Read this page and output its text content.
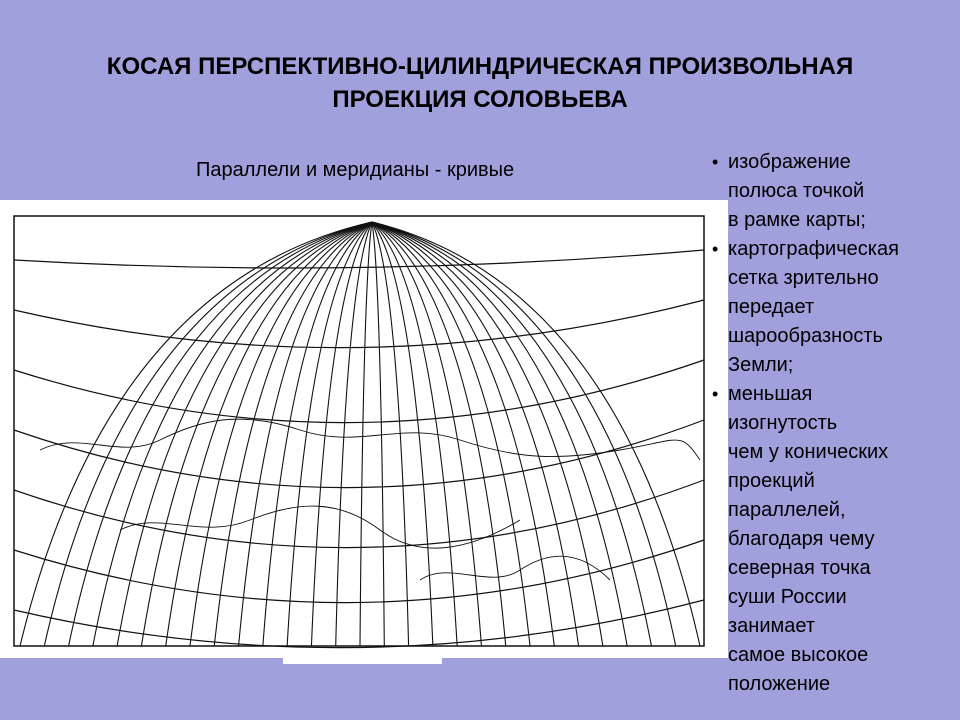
КОСАЯ ПЕРСПЕКТИВНО-ЦИЛИНДРИЧЕСКАЯ ПРОИЗВОЛЬНАЯ
ПРОЕКЦИЯ СОЛОВЬЕВА
Параллели и меридианы - кривые	• изображение
полюса точкой
в рамке карты;
• картографическая
сетка зрительно
передает
шарообразность
Земли;
• меньшая
изогнутость
чем у конических
проекций
параллелей,
благодаря чему
северная точка
суши России
занимает
самое высокое
положение
